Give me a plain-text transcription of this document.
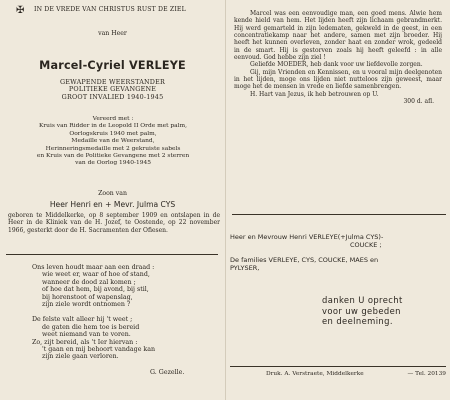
✠	IN DE VREDE VAN CHRISTUS RUST DE ZIEL
van Heer
Marcel-Cyriel VERLEYE
GEWAPENDE WEERSTANDER
POLITIEKE GEVANGENE
GROOT INVALIED 1940-1945
Vereerd met :
Kruis van Ridder in de Leopold II Orde met palm,
Oorlogskruis 1940 met palm,
Medaille van de Weerstand,
Herinneringsmedaille met 2 gekruiste sabels
en Kruis van de Politieke Gevangene met 2 sterren
van de Oorlog 1940-1945
Zoon van
Heer Henri en + Mevr. Julma CYS
geboren te Middelkerke, op 8 september 1909 en ontslapen in de Heer in de Kliniek van de H. Jozef, te Oostende, op 22 november 1966, gesterkt door de H. Sacramenten der Ofiesen.
Ons leven houdt maar aan een draad :
wie weet er, waar of hoe of stand,
wanneer de dood zal komen ;
of hoe dat hem, bij avond, bij stil,
bij horenstoot of wapenslag,
zijn ziele wordt ontnomen ?
De felste valt alleer hij 't weet ;
de gaten die hem toe is bereid
weet niemand van te voren.
Zo, zijt bereid, als 't Ier hiervan :
't gaan en mij behoort vandage kan
zijn ziele gaan verloren.
G. Gezelle.
Marcel was een eenvoudige man, een goed mens. Alwie hem kende hield van hem. Het lijden heeft zijn lichaam gebrandmerkt. Hij werd gemarteld in zijn ledematen, gekweld in de geest, in een concentratiekamp naar het andere, samen met zijn broeder. Hij heeft het kunnen overleven, zonder haat en zonder wrok, gedeeld in de smart. Hij is gestorven zoals hij heeft geleefd : in alle eenvoud. God hebbe zijn ziel !
Geliefde MOEDER, heb dank voor uw liefdevolle zorgen.
Gij, mijn Vrienden en Kennissen, en u vooral mijn deelgenoten in het lijden, moge ons lijden niet nutteloos zijn geweest, maar moge het de mensen in vrede en liefde samenbrengen.
H. Hart van Jezus, ik heb betrouwen op U.
300 d. afl.
Heer en Mevrouw Henri VERLEYE(+Julma CYS)-
COUCKE ;
De families VERLEYE, CYS, COUCKE, MAES en
PYLYSER,
danken U oprecht
voor uw gebeden
en deelneming.
Druk. A. Verstraete, Middelkerke	— Tel. 20139
